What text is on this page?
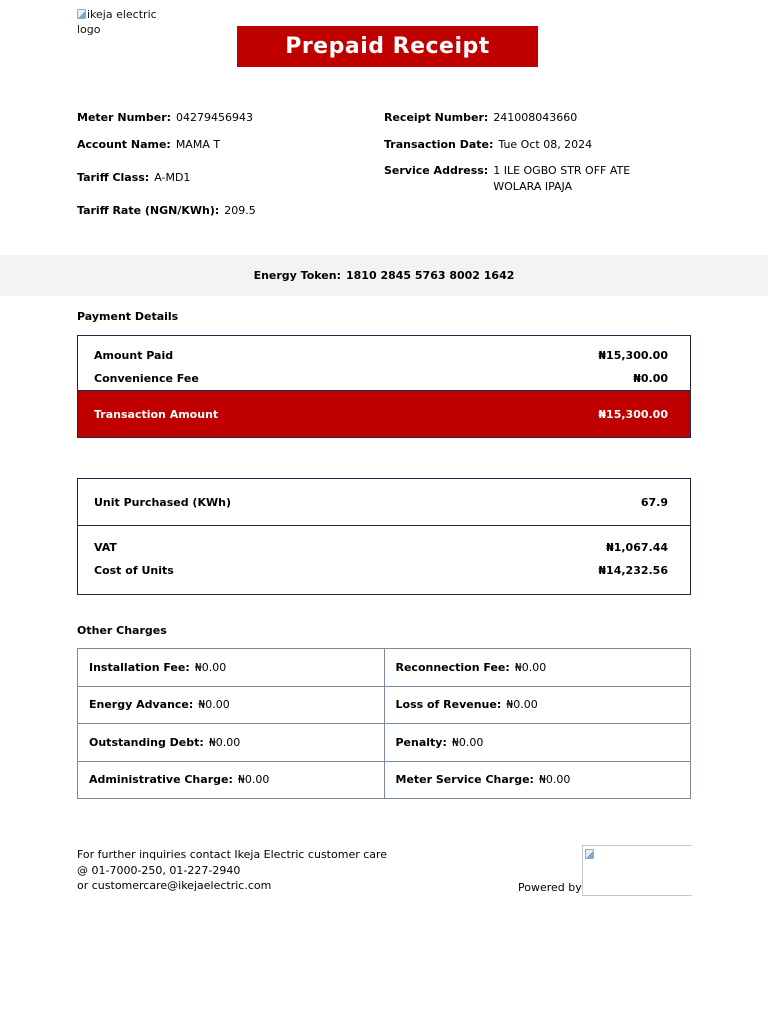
ikeja electric logo
Prepaid Receipt
Meter Number: 04279456943
Account Name: MAMA T
Tariff Class: A-MD1
Tariff Rate (NGN/KWh): 209.5
Receipt Number: 241008043660
Transaction Date: Tue Oct 08, 2024
Service Address: 1 ILE OGBO STR OFF ATE WOLARA IPAJA
Energy Token: 1810 2845 5763 8002 1642
Payment Details
Amount Paid	₦15,300.00
Convenience Fee	₦0.00
Transaction Amount	₦15,300.00
Unit Purchased (KWh)	67.9
VAT	₦1,067.44
Cost of Units	₦14,232.56
Other Charges
Installation Fee: ₦0.00	Reconnection Fee: ₦0.00
Energy Advance: ₦0.00	Loss of Revenue: ₦0.00
Outstanding Debt: ₦0.00	Penalty: ₦0.00
Administrative Charge: ₦0.00	Meter Service Charge: ₦0.00
For further inquiries contact Ikeja Electric customer care
@ 01-7000-250, 01-227-2940
or customercare@ikejaelectric.com	Powered by
